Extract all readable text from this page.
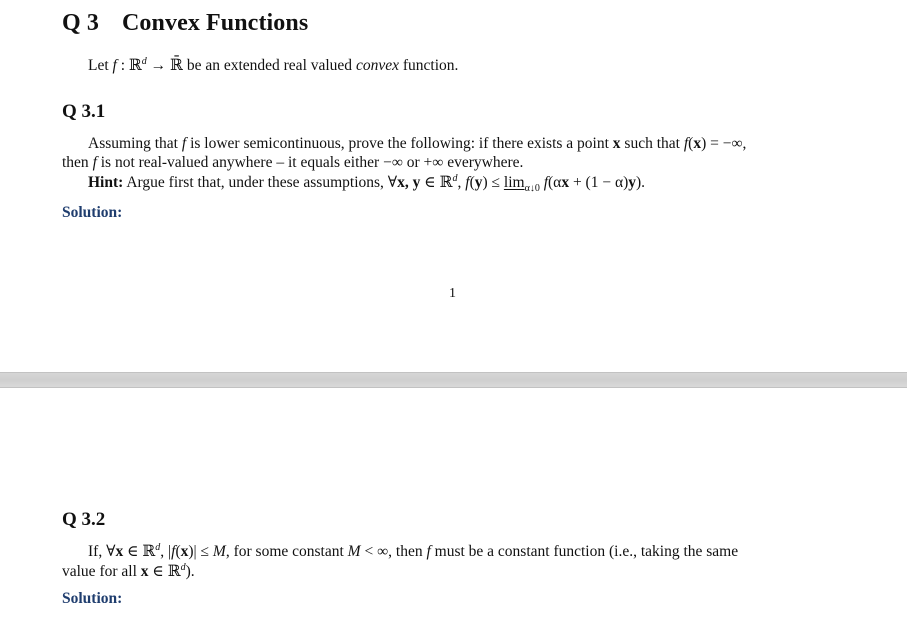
Q 3 Convex Functions
Let f : ℝ$^d$ → ℝ̄ be an extended real valued convex function.
Q 3.1
Assuming that f is lower semicontinuous, prove the following: if there exists a point x such that f(x) = −∞,
then f is not real-valued anywhere – it equals either −∞ or +∞ everywhere.
Hint: Argue first that, under these assumptions, ∀x, y ∈ ℝ$^d$, $f(y) \le \lim_{\alpha↓0} f(\alpha x + (1 - \alpha)y)$.
Solution:
1
Q 3.2
If, ∀x ∈ ℝ$^d$, |f(x)| ≤ M, for some constant M < ∞, then f must be a constant function (i.e., taking the same
value for all x ∈ ℝ$^d$).
Solution:
